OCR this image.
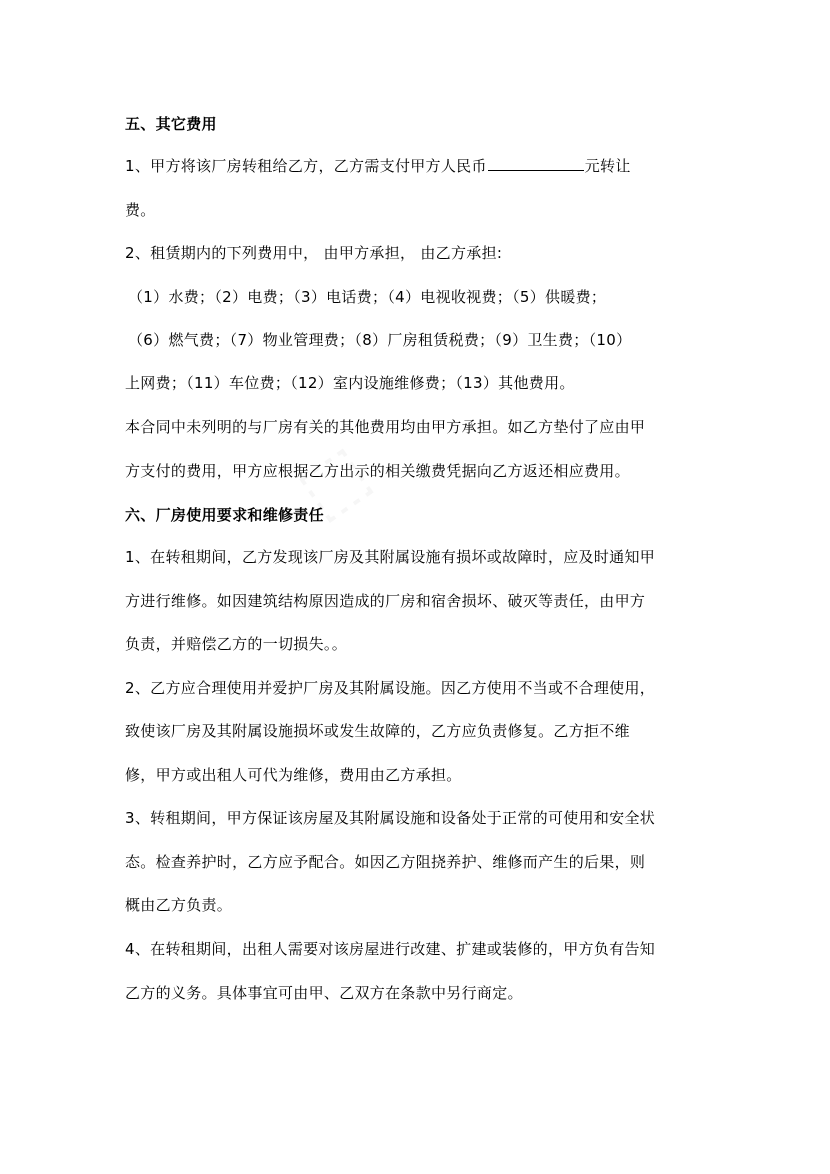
五、其它费用
1、甲方将该厂房转租给乙方，乙方需支付甲方人民币	元转让
费。
2、租赁期内的下列费用中， 由甲方承担， 由乙方承担:
（1）水费；（2）电费；（3）电话费；（4）电视收视费；（5）供暖费；
（6）燃气费；（7）物业管理费；（8）厂房租赁税费；（9）卫生费；（10）
上网费；（11）车位费；（12）室内设施维修费；（13）其他费用。
本合同中未列明的与厂房有关的其他费用均由甲方承担。如乙方垫付了应由甲
方支付的费用，甲方应根据乙方出示的相关缴费凭据向乙方返还相应费用。
六、厂房使用要求和维修责任
1、在转租期间，乙方发现该厂房及其附属设施有损坏或故障时，应及时通知甲
方进行维修。如因建筑结构原因造成的厂房和宿舍损坏、破灭等责任，由甲方
负责，并赔偿乙方的一切损失。。
2、乙方应合理使用并爱护厂房及其附属设施。因乙方使用不当或不合理使用，
致使该厂房及其附属设施损坏或发生故障的，乙方应负责修复。乙方拒不维
修，甲方或出租人可代为维修，费用由乙方承担。
3、转租期间，甲方保证该房屋及其附属设施和设备处于正常的可使用和安全状
态。检查养护时，乙方应予配合。如因乙方阻挠养护、维修而产生的后果，则
概由乙方负责。
4、在转租期间，出租人需要对该房屋进行改建、扩建或装修的，甲方负有告知
乙方的义务。具体事宜可由甲、乙双方在条款中另行商定。
